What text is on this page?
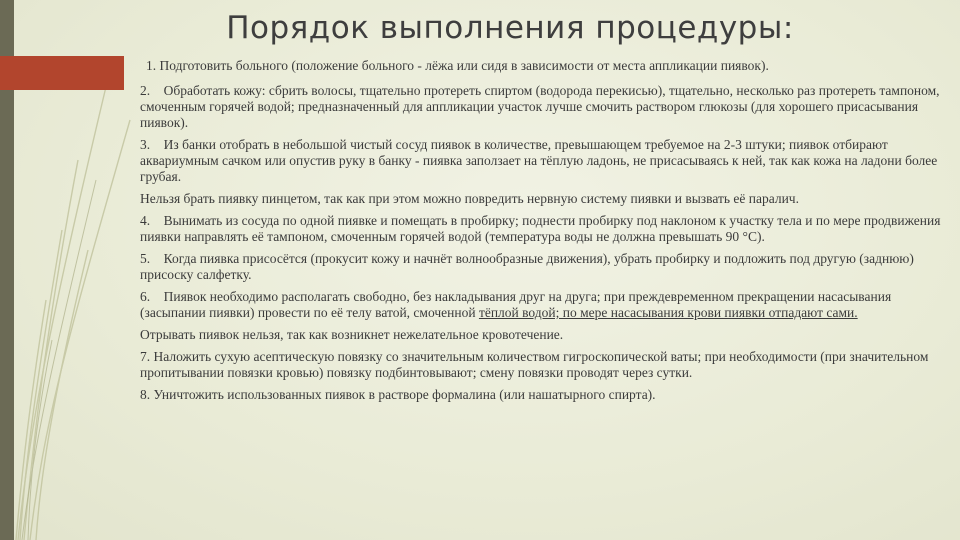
Порядок выполнения процедуры:

1. Подготовить больного (положение больного - лёжа или сидя в зависимости от места аппликации пиявок).

2. Обработать кожу: сбрить волосы, тщательно протереть спиртом (водорода перекисью), тщательно, несколько раз протереть тампоном, смоченным горячей водой; предназначенный для аппликации участок лучше смочить раствором глюкозы (для хорошего присасывания пиявок).

3. Из банки отобрать в небольшой чистый сосуд пиявок в количестве, превышающем требуемое на 2-3 штуки; пиявок отбирают аквариумным сачком или опустив руку в банку - пиявка заползает на тёплую ладонь, не присасываясь к ней, так как кожа на ладони более грубая.

Нельзя брать пиявку пинцетом, так как при этом можно повредить нервную систему пиявки и вызвать её паралич.

4. Вынимать из сосуда по одной пиявке и помещать в пробирку; поднести пробирку под наклоном к участку тела и по мере продвижения пиявки направлять её тампоном, смоченным горячей водой (температура воды не должна превышать 90 °С).

5. Когда пиявка присосётся (прокусит кожу и начнёт волнообразные движения), убрать пробирку и подложить под другую (заднюю) присоску салфетку.

6. Пиявок необходимо располагать свободно, без накладывания друг на друга; при преждевременном прекращении насасывания (засыпании пиявки) провести по её телу ватой, смоченной тёплой водой; по мере насасывания крови пиявки отпадают сами.

Отрывать пиявок нельзя, так как возникнет нежелательное кровотечение.

7. Наложить сухую асептическую повязку со значительным количеством гигроскопической ваты; при необходимости (при значительном пропитывании повязки кровью) повязку подбинтовывают; смену повязки проводят через сутки.

8. Уничтожить использованных пиявок в растворе формалина (или нашатырного спирта).
